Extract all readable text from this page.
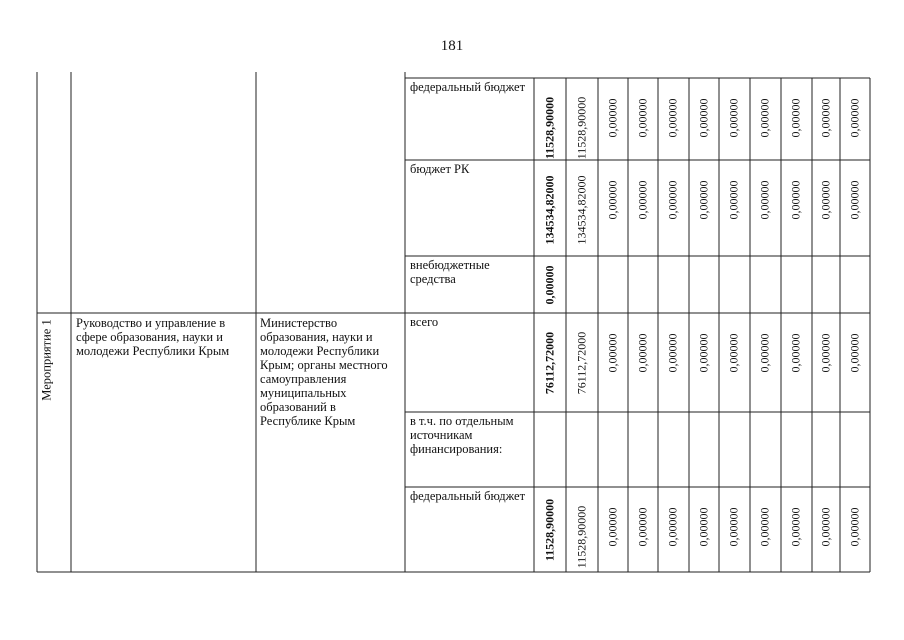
181
Мероприятие 1 Руководство и управление в сфере образования, науки и молодежи Республики Крым
Министерство образования, науки и молодежи Республики Крым; органы местного самоуправления муниципальных образований в Республике Крым
федеральный бюджет
11528,90000 11528,90000 0,00000 0,00000 0,00000 0,00000 0,00000 0,00000 0,00000 0,00000 0,00000
бюджет РК
134534,82000 134534,82000 0,00000 0,00000 0,00000 0,00000 0,00000 0,00000 0,00000 0,00000 0,00000
внебюджетные средства	0,00000
всего
76112,72000 76112,72000 0,00000 0,00000 0,00000 0,00000 0,00000 0,00000 0,00000 0,00000 0,00000
в т.ч. по отдельным источникам финансирования:
федеральный бюджет
11528,90000 11528,90000 0,00000 0,00000 0,00000 0,00000 0,00000 0,00000 0,00000 0,00000 0,00000
